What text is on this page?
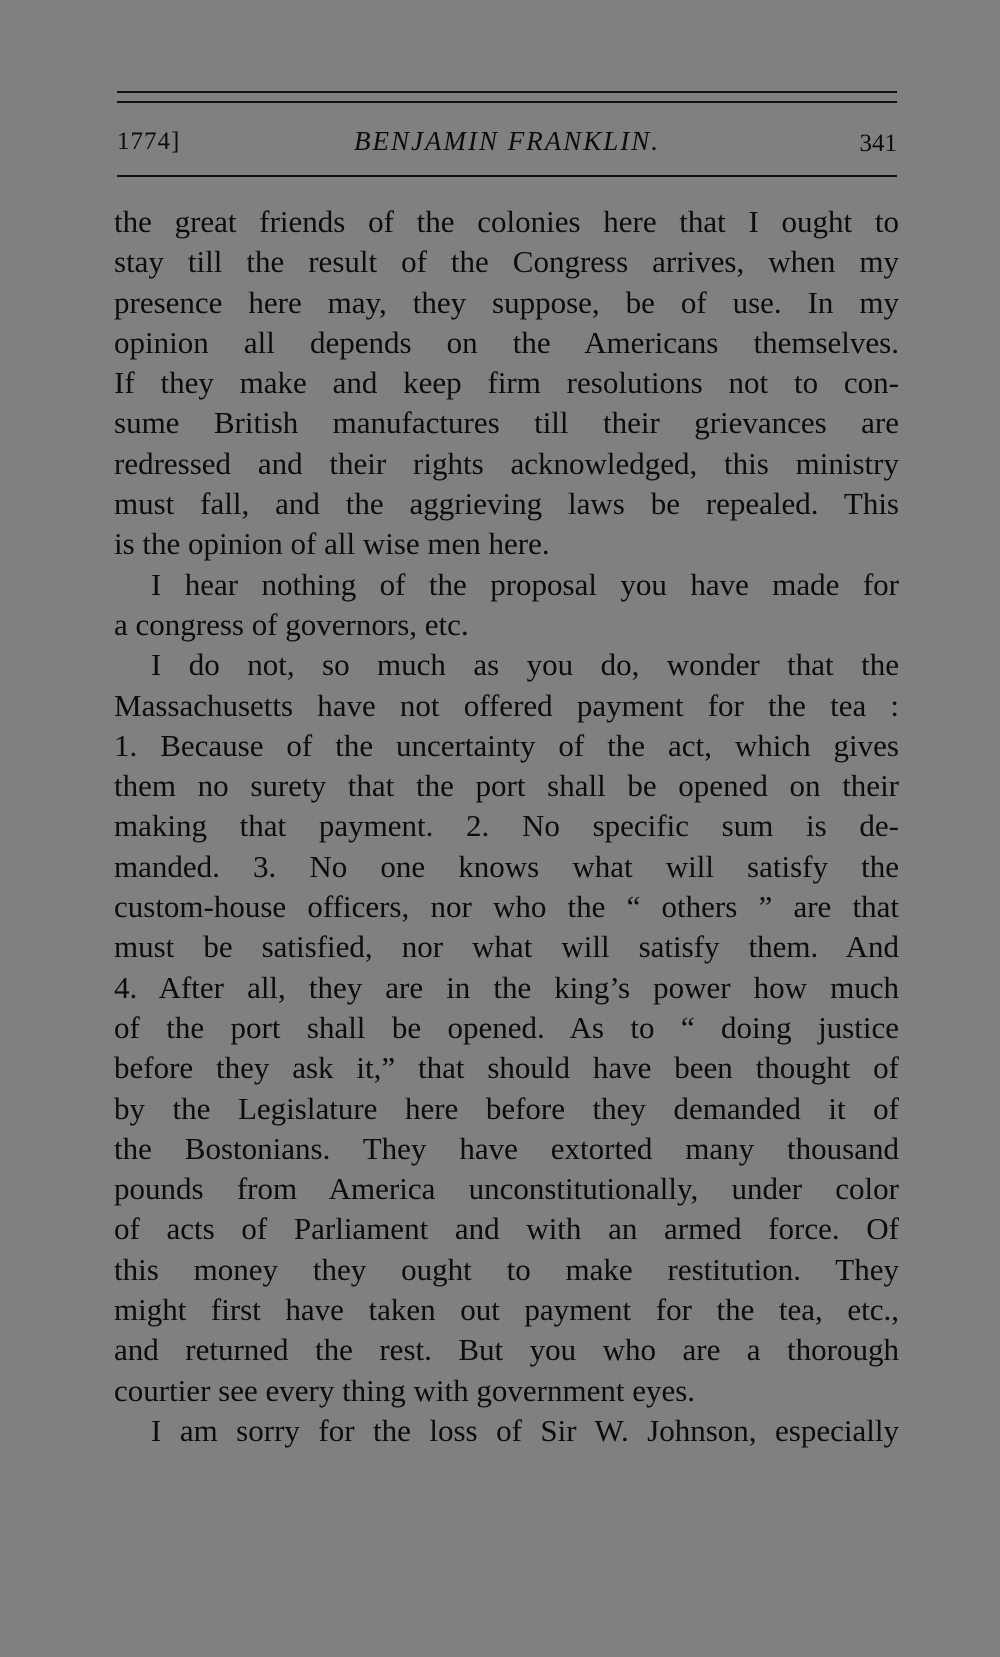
1774]	BENJAMIN FRANKLIN.	341
the great friends of the colonies here that I ought to
stay till the result of the Congress arrives, when my
presence here may, they suppose, be of use. In my
opinion all depends on the Americans themselves.
If they make and keep firm resolutions not to con-
sume British manufactures till their grievances are
redressed and their rights acknowledged, this ministry
must fall, and the aggrieving laws be repealed. This
is the opinion of all wise men here.
I hear nothing of the proposal you have made for
a congress of governors, etc.
I do not, so much as you do, wonder that the
Massachusetts have not offered payment for the tea :
1. Because of the uncertainty of the act, which gives
them no surety that the port shall be opened on their
making that payment. 2. No specific sum is de-
manded. 3. No one knows what will satisfy the
custom-house officers, nor who the “ others ” are that
must be satisfied, nor what will satisfy them. And
4. After all, they are in the king’s power how much
of the port shall be opened. As to “ doing justice
before they ask it,” that should have been thought of
by the Legislature here before they demanded it of
the Bostonians. They have extorted many thousand
pounds from America unconstitutionally, under color
of acts of Parliament and with an armed force. Of
this money they ought to make restitution. They
might first have taken out payment for the tea, etc.,
and returned the rest. But you who are a thorough
courtier see every thing with government eyes.
I am sorry for the loss of Sir W. Johnson, especially
